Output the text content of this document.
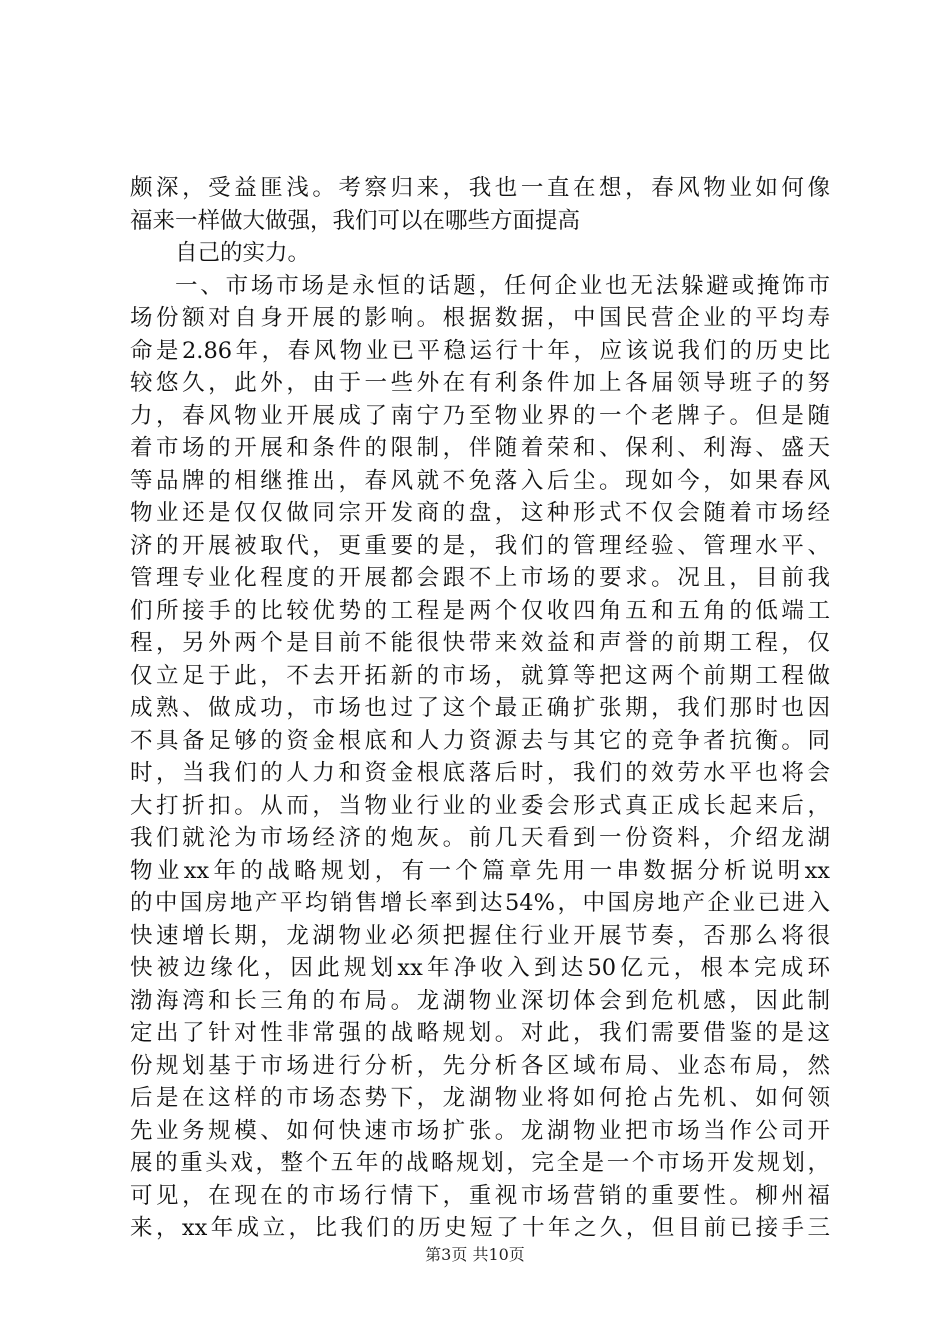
颇深，受益匪浅。考察归来，我也一直在想，春风物业如何像
福来一样做大做强，我们可以在哪些方面提高
自己的实力。
一、市场市场是永恒的话题，任何企业也无法躲避或掩饰市
场份额对自身开展的影响。根据数据，中国民营企业的平均寿
命是2.86年，春风物业已平稳运行十年，应该说我们的历史比
较悠久，此外，由于一些外在有利条件加上各届领导班子的努
力，春风物业开展成了南宁乃至物业界的一个老牌子。但是随
着市场的开展和条件的限制，伴随着荣和、保利、利海、盛天
等品牌的相继推出，春风就不免落入后尘。现如今，如果春风
物业还是仅仅做同宗开发商的盘，这种形式不仅会随着市场经
济的开展被取代，更重要的是，我们的管理经验、管理水平、
管理专业化程度的开展都会跟不上市场的要求。况且，目前我
们所接手的比较优势的工程是两个仅收四角五和五角的低端工
程，另外两个是目前不能很快带来效益和声誉的前期工程，仅
仅立足于此，不去开拓新的市场，就算等把这两个前期工程做
成熟、做成功，市场也过了这个最正确扩张期，我们那时也因
不具备足够的资金根底和人力资源去与其它的竞争者抗衡。同
时，当我们的人力和资金根底落后时，我们的效劳水平也将会
大打折扣。从而，当物业行业的业委会形式真正成长起来后，
我们就沦为市场经济的炮灰。前几天看到一份资料，介绍龙湖
物业xx年的战略规划，有一个篇章先用一串数据分析说明xx
的中国房地产平均销售增长率到达54%，中国房地产企业已进入
快速增长期，龙湖物业必须把握住行业开展节奏，否那么将很
快被边缘化，因此规划xx年净收入到达50亿元，根本完成环
渤海湾和长三角的布局。龙湖物业深切体会到危机感，因此制
定出了针对性非常强的战略规划。对此，我们需要借鉴的是这
份规划基于市场进行分析，先分析各区域布局、业态布局，然
后是在这样的市场态势下，龙湖物业将如何抢占先机、如何领
先业务规模、如何快速市场扩张。龙湖物业把市场当作公司开
展的重头戏，整个五年的战略规划，完全是一个市场开发规划，
可见，在现在的市场行情下，重视市场营销的重要性。柳州福
来，xx年成立，比我们的历史短了十年之久，但目前已接手三
第3页 共10页
